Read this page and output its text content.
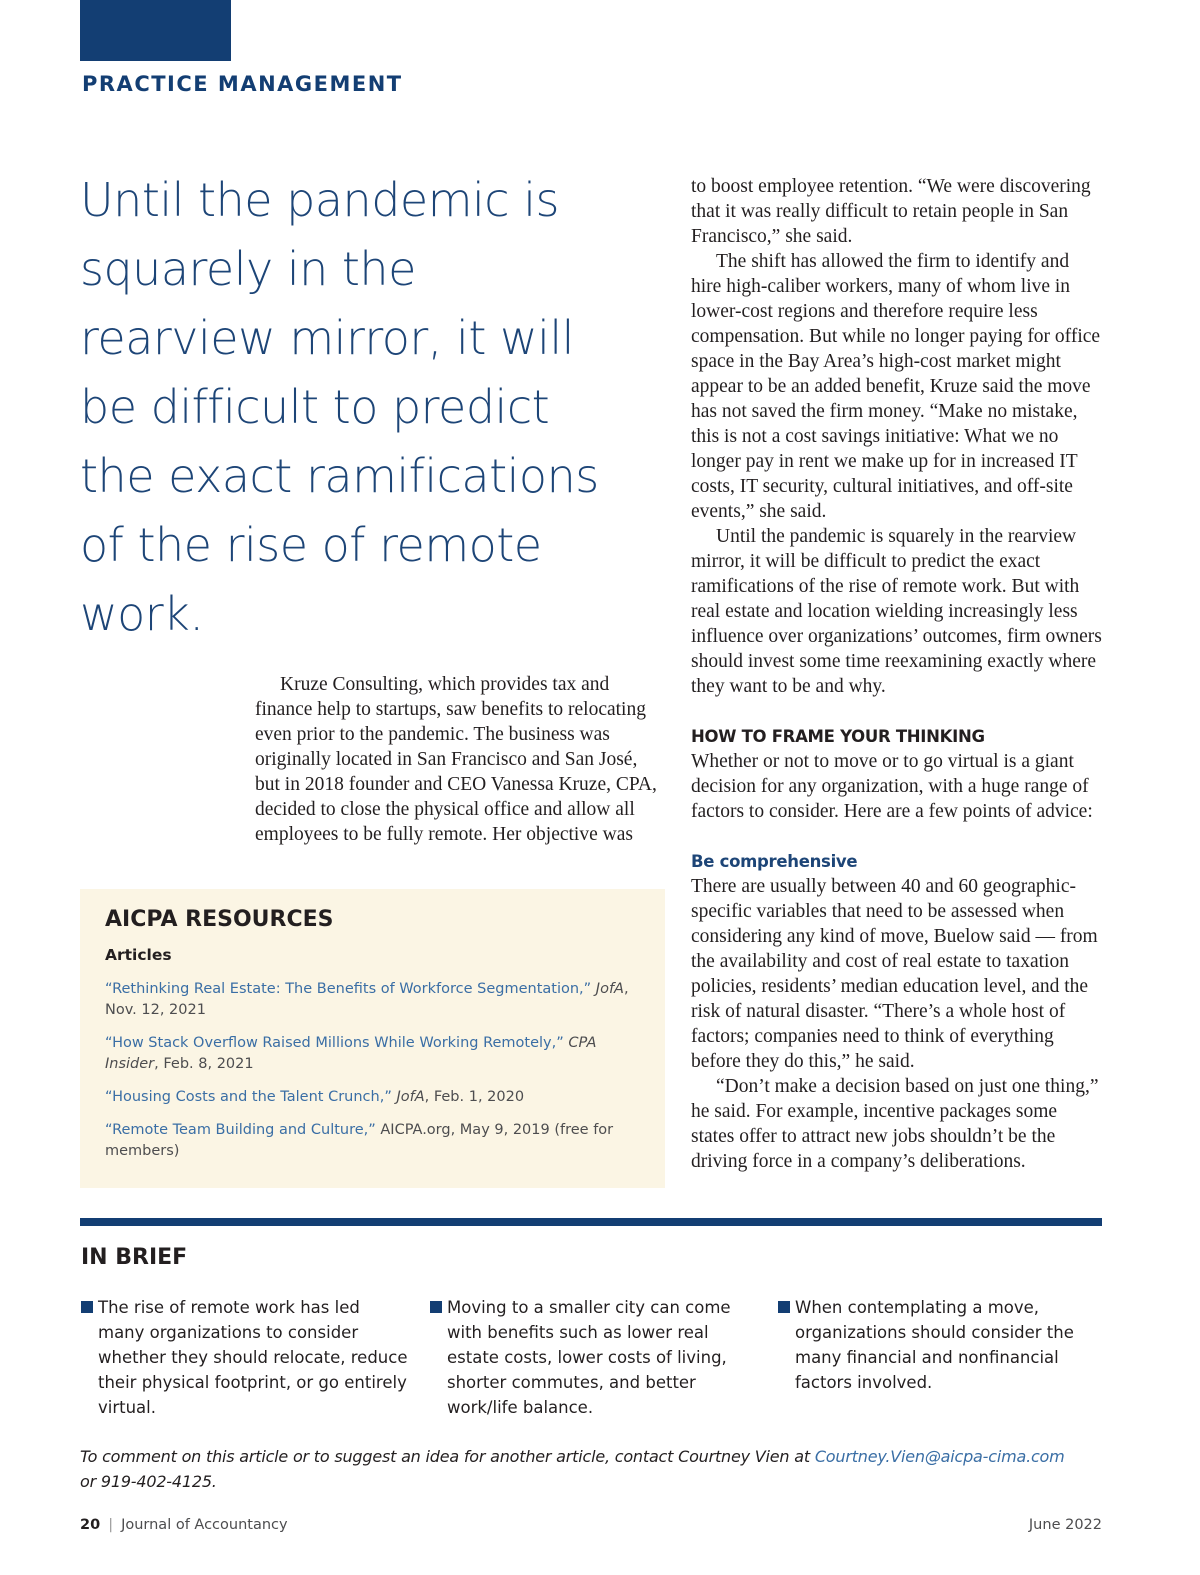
PRACTICE MANAGEMENT
Until the pandemic is squarely in the rearview mirror, it will be difficult to predict the exact ramifications of the rise of remote work.

Kruze Consulting, which provides tax and finance help to startups, saw benefits to relocating even prior to the pandemic. The business was originally located in San Francisco and San José, but in 2018 founder and CEO Vanessa Kruze, CPA, decided to close the physical office and allow all employees to be fully remote. Her objective was

to boost employee retention. “We were discovering that it was really difficult to retain people in San Francisco,” she said.

The shift has allowed the firm to identify and hire high-caliber workers, many of whom live in lower-cost regions and therefore require less compensation. But while no longer paying for office space in the Bay Area’s high-cost market might appear to be an added benefit, Kruze said the move has not saved the firm money. “Make no mistake, this is not a cost savings initiative: What we no longer pay in rent we make up for in increased IT costs, IT security, cultural initiatives, and off-site events,” she said.

Until the pandemic is squarely in the rearview mirror, it will be difficult to predict the exact ramifications of the rise of remote work. But with real estate and location wielding increasingly less influence over organizations’ outcomes, firm owners should invest some time reexamining exactly where they want to be and why.

HOW TO FRAME YOUR THINKING

Whether or not to move or to go virtual is a giant decision for any organization, with a huge range of factors to consider. Here are a few points of advice:

Be comprehensive

There are usually between 40 and 60 geographic-specific variables that need to be assessed when considering any kind of move, Buelow said — from the availability and cost of real estate to taxation policies, residents’ median education level, and the risk of natural disaster. “There’s a whole host of factors; companies need to think of everything before they do this,” he said.

“Don’t make a decision based on just one thing,” he said. For example, incentive packages some states offer to attract new jobs shouldn’t be the driving force in a company’s deliberations.

AICPA RESOURCES
Articles
“Rethinking Real Estate: The Benefits of Workforce Segmentation,” JofA, Nov. 12, 2021
“How Stack Overflow Raised Millions While Working Remotely,” CPA Insider, Feb. 8, 2021
“Housing Costs and the Talent Crunch,” JofA, Feb. 1, 2020
“Remote Team Building and Culture,” AICPA.org, May 9, 2019 (free for members)
IN BRIEF
The rise of remote work has led many organizations to consider whether they should relocate, reduce their physical footprint, or go entirely virtual.
Moving to a smaller city can come with benefits such as lower real estate costs, lower costs of living, shorter commutes, and better work/life balance.
When contemplating a move, organizations should consider the many financial and nonfinancial factors involved.
To comment on this article or to suggest an idea for another article, contact Courtney Vien at Courtney.Vien@aicpa-cima.com or 919-402-4125.
20 | Journal of Accountancy	June 2022
